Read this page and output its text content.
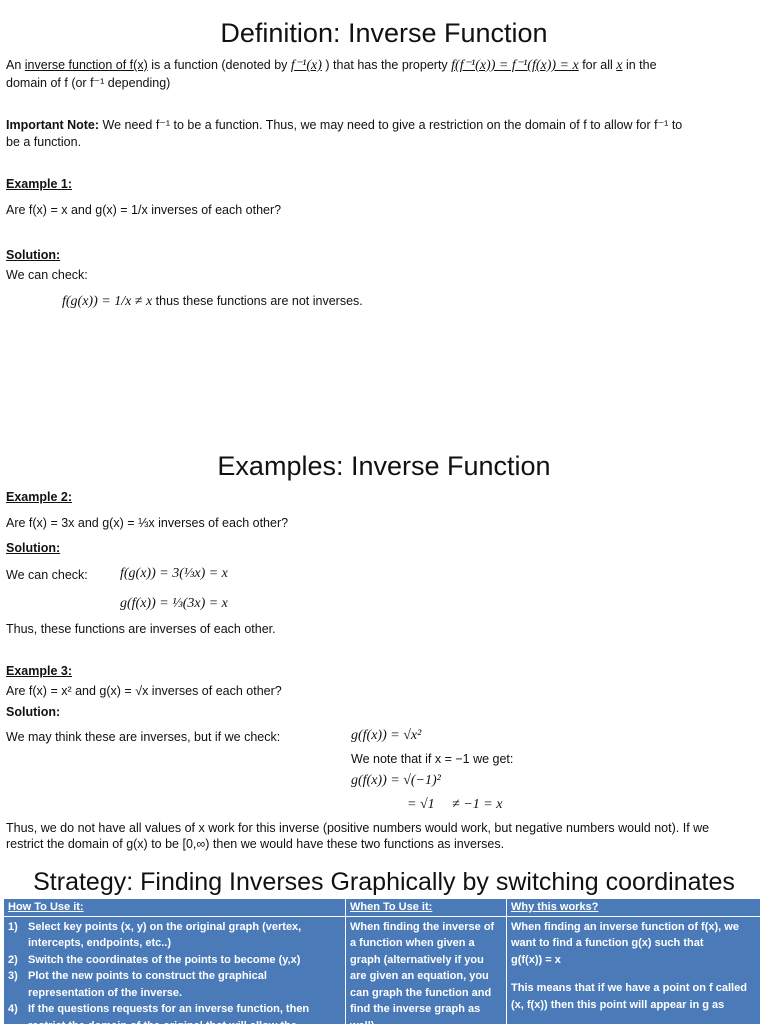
Definition: Inverse Function
An inverse function of f(x) is a function (denoted by f⁻¹(x) ) that has the property f(f⁻¹(x)) = f⁻¹(f(x)) = x for all x in the
domain of f (or f⁻¹ depending)
Important Note: We need f⁻¹ to be a function. Thus, we may need to give a restriction on the domain of f to allow for f⁻¹ to
be a function.
Example 1:
Are f(x) = x and g(x) = 1/x inverses of each other?
Solution:
We can check:
f(g(x)) = 1/x ≠ x thus these functions are not inverses.
Examples: Inverse Function
Example 2:
Are f(x) = 3x and g(x) = ⅓x inverses of each other?
Solution:
We can check: f(g(x)) = 3(⅓x) = x
g(f(x)) = ⅓(3x) = x
Thus, these functions are inverses of each other.
Example 3:
Are f(x) = x² and g(x) = √x inverses of each other?
Solution:
We may think these are inverses, but if we check:	g(f(x)) = √x²
We note that if x = −1 we get:
g(f(x)) = √(−1)²
= √1     ≠ −1 = x
Thus, we do not have all values of x work for this inverse (positive numbers would work, but negative numbers would not). If we
restrict the domain of g(x) to be [0,∞) then we would have these two functions as inverses.
Strategy: Finding Inverses Graphically by switching coordinates
How To Use it:
1) Select key points (x, y) on the original graph (vertex,
intercepts, endpoints, etc..)
2) Switch the coordinates of the points to become (y,x)
3) Plot the new points to construct the graphical
representation of the inverse.
4) If the questions requests for an inverse function, then
restrict the domain of the original that will allow the
When To Use it:
When finding the inverse of
a function when given a
graph (alternatively if you
are given an equation, you
can graph the function and
find the inverse graph as
well)
Why this works?
When finding an inverse function of f(x), we
want to find a function g(x) such that
g(f(x)) = x
This means that if we have a point on f called
(x, f(x)) then this point will appear in g as
